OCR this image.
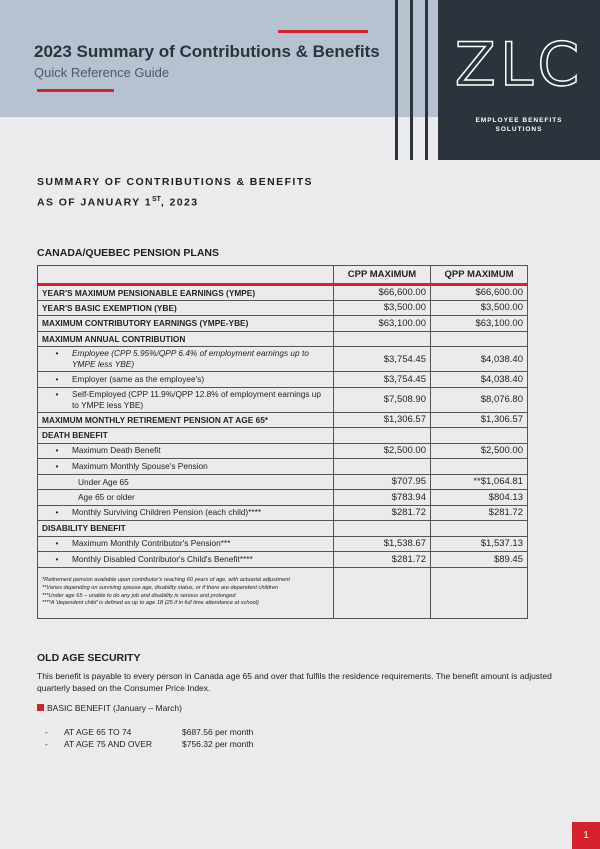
2023 Summary of Contributions & Benefits
Quick Reference Guide	ZLC
EMPLOYEE BENEFITS
SOLUTIONS
SUMMARY OF CONTRIBUTIONS & BENEFITS
AS OF JANUARY 1ST, 2023
CANADA/QUEBEC PENSION PLANS
	CPP MAXIMUM	QPP MAXIMUM
YEAR'S MAXIMUM PENSIONABLE EARNINGS (YMPE)	$66,600.00	$66,600.00
YEAR'S BASIC EXEMPTION (YBE)	$3,500.00	$3,500.00
MAXIMUM CONTRIBUTORY EARNINGS (YMPE-YBE)	$63,100.00	$63,100.00
MAXIMUM ANNUAL CONTRIBUTION		
• Employee (CPP 5.95%/QPP 6.4% of employment earnings up to YMPE less YBE)	$3,754.45	$4,038.40
• Employer (same as the employee's)	$3,754.45	$4,038.40
• Self-Employed (CPP 11.9%/QPP 12.8% of employment earnings up to YMPE less YBE)	$7,508.90	$8,076.80
MAXIMUM MONTHLY RETIREMENT PENSION AT AGE 65*	$1,306.57	$1,306.57
DEATH BENEFIT		
• Maximum Death Benefit	$2,500.00	$2,500.00
• Maximum Monthly Spouse's Pension		
Under Age 65	$707.95	**$1,064.81
Age 65 or older	$783.94	$804.13
• Monthly Surviving Children Pension (each child)****	$281.72	$281.72
DISABILITY BENEFIT		
• Maximum Monthly Contributor's Pension***	$1,538.67	$1,537.13
• Monthly Disabled Contributor's Child's Benefit****	$281.72	$89.45

*Retirement pension available upon contributor's reaching 60 years of age, with actuarial adjustment
**Varies depending on surviving spouse age, disability status, or if there are dependent children
***Under age 65 – unable to do any job and disability is serious and prolonged
****A 'dependent child' is defined as up to age 18 (25 if in full time attendance at school)		

OLD AGE SECURITY
This benefit is payable to every person in Canada age 65 and over that fulfils the residence requirements. The benefit amount is adjusted quarterly based on the Consumer Price Index.
BASIC BENEFIT (January – March)
- AT AGE 65 TO 74	$687.56 per month
- AT AGE 75 AND OVER	$756.32 per month
1
